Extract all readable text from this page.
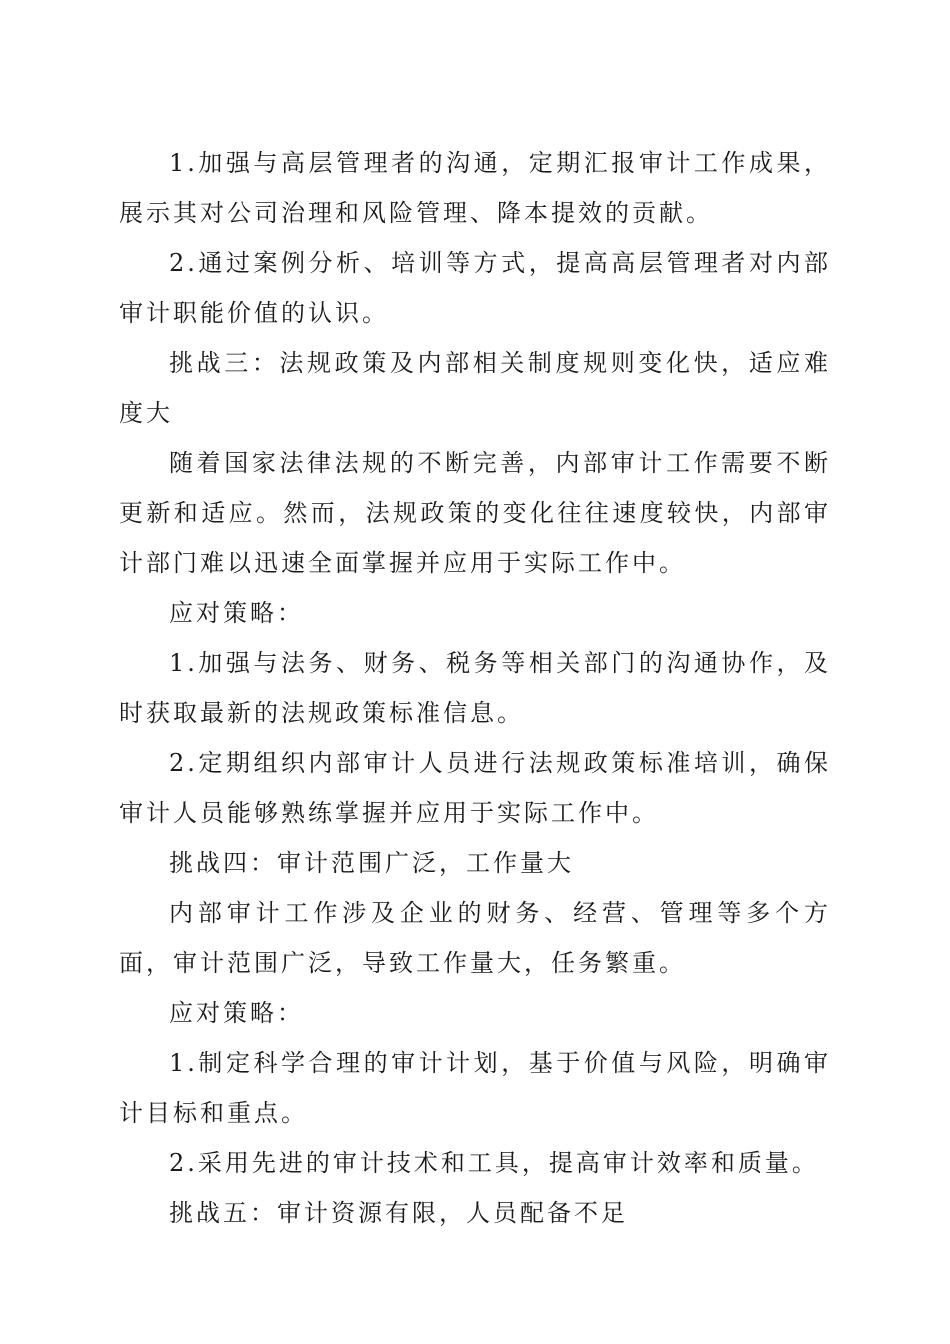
1.加强与高层管理者的沟通，定期汇报审计工作成果，展示其对公司治理和风险管理、降本提效的贡献。

2.通过案例分析、培训等方式，提高高层管理者对内部审计职能价值的认识。

挑战三：法规政策及内部相关制度规则变化快，适应难度大

随着国家法律法规的不断完善，内部审计工作需要不断更新和适应。然而，法规政策的变化往往速度较快，内部审计部门难以迅速全面掌握并应用于实际工作中。

应对策略：

1.加强与法务、财务、税务等相关部门的沟通协作，及时获取最新的法规政策标准信息。

2.定期组织内部审计人员进行法规政策标准培训，确保审计人员能够熟练掌握并应用于实际工作中。

挑战四：审计范围广泛，工作量大

内部审计工作涉及企业的财务、经营、管理等多个方面，审计范围广泛，导致工作量大，任务繁重。

应对策略：

1.制定科学合理的审计计划，基于价值与风险，明确审计目标和重点。

2.采用先进的审计技术和工具，提高审计效率和质量。

挑战五：审计资源有限，人员配备不足
